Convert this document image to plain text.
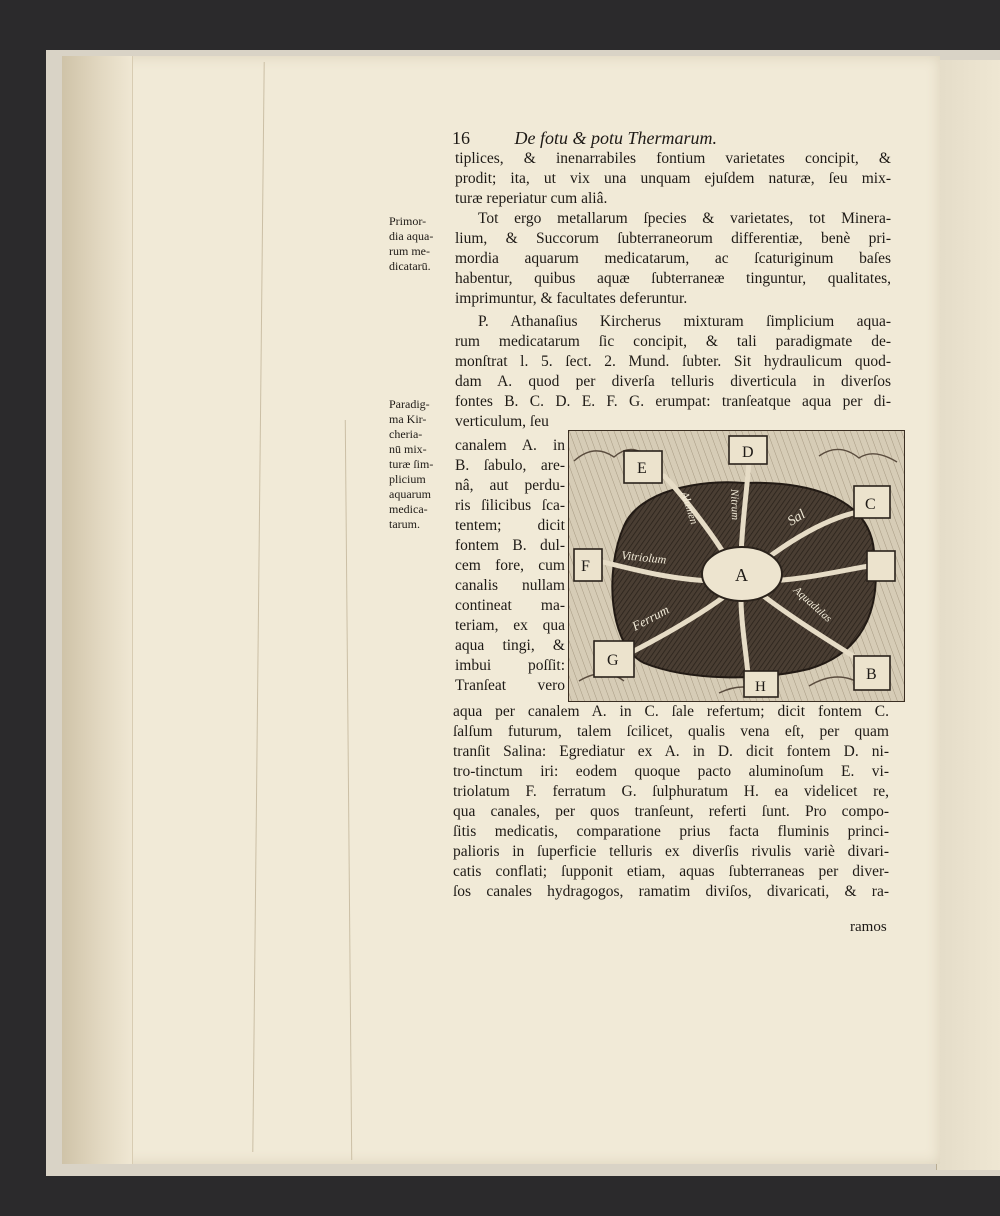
16 De fotu & potu Thermarum.
tiplices, & inenarrabiles fontium varietates concipit, &
prodit; ita, ut vix una unquam ejuſdem naturæ, ſeu mix-
turæ reperiatur cum aliâ.
Tot ergo metallarum ſpecies & varietates, tot Minera-
lium, & Succorum ſubterraneorum differentiæ, benè pri-
mordia aquarum medicatarum, ac ſcaturiginum baſes
habentur, quibus aquæ ſubterraneæ tinguntur, qualitates,
imprimuntur, & facultates deferuntur.
P. Athanaſius Kircherus mixturam ſimplicium aqua-
rum medicatarum ſic concipit, & tali paradigmate de-
monſtrat l. 5. ſect. 2. Mund. ſubter. Sit hydraulicum quod-
dam A. quod per diverſa telluris diverticula in diverſos
fontes B. C. D. E. F. G. erumpat: tranſeatque aqua per di-
verticulum, ſeu
canalem A. in
B. ſabulo, are-
nâ, aut perdu-
ris ſilicibus ſca-
tentem; dicit
fontem B. dul-
cem fore, cum
canalis nullam
contineat ma-
teriam, ex qua
aqua tingi, &
imbui poſſit:
Tranſeat vero
aqua per canalem A. in C. ſale refertum; dicit fontem C.
ſalſum futurum, talem ſcilicet, qualis vena eſt, per quam
tranſit Salina: Egrediatur ex A. in D. dicit fontem D. ni-
tro-tinctum iri: eodem quoque pacto aluminoſum E. vi-
triolatum F. ferratum G. ſulphuratum H. ea videlicet re,
qua canales, per quos tranſeunt, referti ſunt. Pro compo-
ſitis medicatis, comparatione prius facta fluminis princi-
palioris in ſuperficie telluris ex diverſis rivulis variè divari-
catis conflati; ſupponit etiam, aquas ſubterraneas per diver-
ſos canales hydragogos, ramatim diviſos, divaricati, & ra-
ramos
Primor-
dia aqua-
rum me-
dicatarū.
Paradig-
ma Kir-
cheria-
nū mix-
turæ ſim-
plicium
aquarum
medica-
tarum.
A
D
E
C
F
G
H
B
Alumen	Nitrum	Sal
Vitriolum
Ferrum	Aquadulas
